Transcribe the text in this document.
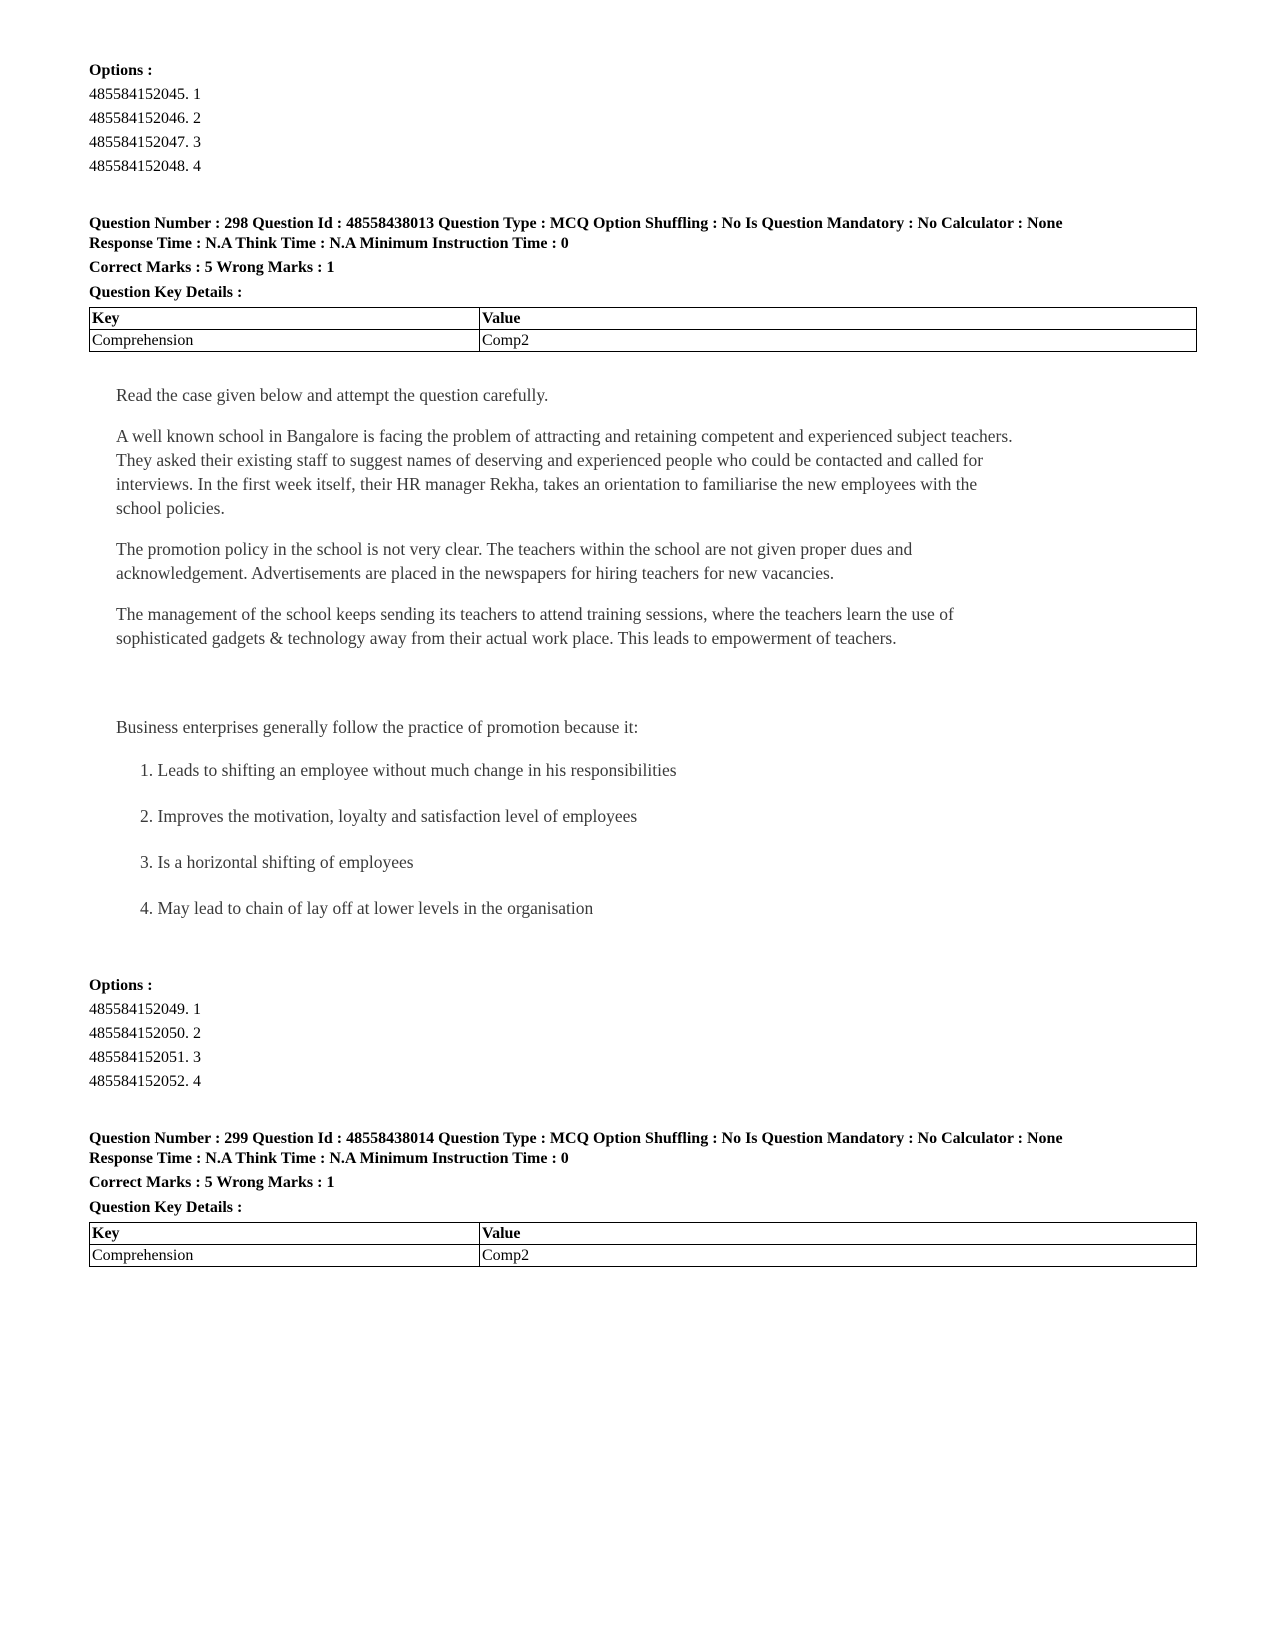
Options :
485584152045. 1
485584152046. 2
485584152047. 3
485584152048. 4
Question Number : 298 Question Id : 48558438013 Question Type : MCQ Option Shuffling : No Is Question Mandatory : No Calculator : None
Response Time : N.A Think Time : N.A Minimum Instruction Time : 0
Correct Marks : 5 Wrong Marks : 1
Question Key Details :
Key	Value
Comprehension	Comp2

Read the case given below and attempt the question carefully.

A well known school in Bangalore is facing the problem of attracting and retaining competent and experienced subject teachers. They asked their existing staff to suggest names of deserving and experienced people who could be contacted and called for interviews. In the first week itself, their HR manager Rekha, takes an orientation to familiarise the new employees with the school policies.

The promotion policy in the school is not very clear. The teachers within the school are not given proper dues and acknowledgement. Advertisements are placed in the newspapers for hiring teachers for new vacancies.

The management of the school keeps sending its teachers to attend training sessions, where the teachers learn the use of sophisticated gadgets & technology away from their actual work place. This leads to empowerment of teachers.

Business enterprises generally follow the practice of promotion because it:

1. Leads to shifting an employee without much change in his responsibilities
2. Improves the motivation, loyalty and satisfaction level of employees
3. Is a horizontal shifting of employees
4. May lead to chain of lay off at lower levels in the organisation
Options :
485584152049. 1
485584152050. 2
485584152051. 3
485584152052. 4
Question Number : 299 Question Id : 48558438014 Question Type : MCQ Option Shuffling : No Is Question Mandatory : No Calculator : None
Response Time : N.A Think Time : N.A Minimum Instruction Time : 0
Correct Marks : 5 Wrong Marks : 1
Question Key Details :
Key	Value
Comprehension	Comp2
